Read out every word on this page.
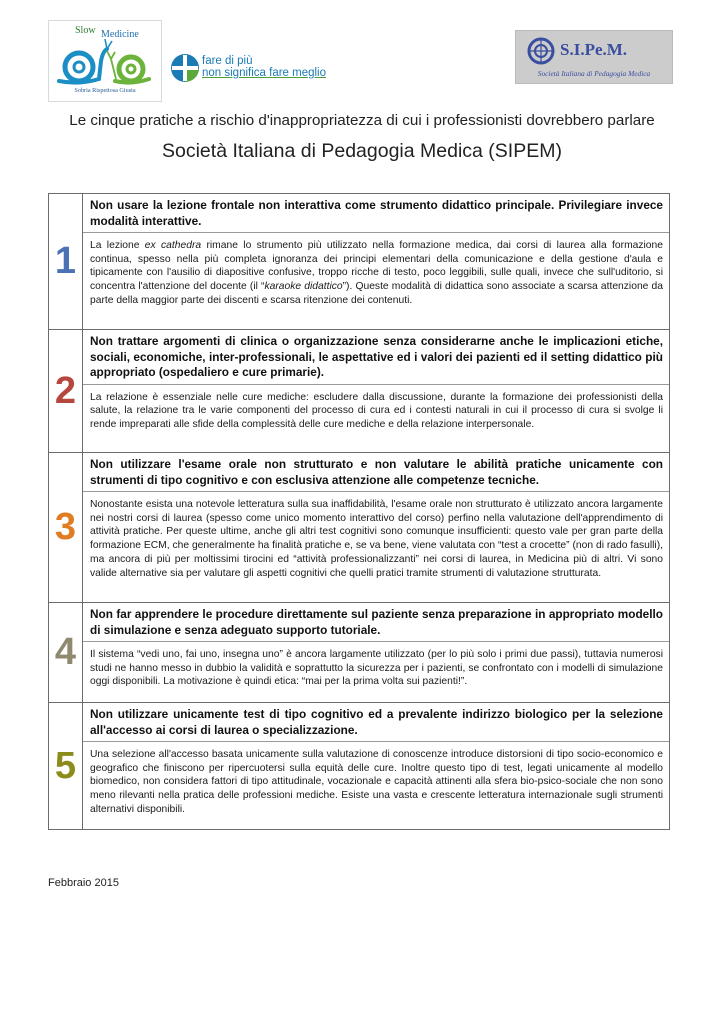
Slow Medicine
Sobria Rispettosa Giusta
fare di più
non significa fare meglio
S.I.Pe.M.
Società Italiana di Pedagogia Medica
Le cinque pratiche a rischio d'inappropriatezza di cui i professionisti dovrebbero parlare
Società Italiana di Pedagogia Medica (SIPEM)
1
Non usare la lezione frontale non interattiva come strumento didattico principale. Privilegiare invece modalità interattive.
La lezione ex cathedra rimane lo strumento più utilizzato nella formazione medica, dai corsi di laurea alla formazione continua, spesso nella più completa ignoranza dei principi elementari della comunicazione e della gestione d'aula e tipicamente con l'ausilio di diapositive confusive, troppo ricche di testo, poco leggibili, sulle quali, invece che sull'uditorio, si concentra l'attenzione del docente (il “karaoke didattico”). Queste modalità di didattica sono associate a scarsa attenzione da parte della maggior parte dei discenti e scarsa ritenzione dei contenuti.
2
Non trattare argomenti di clinica o organizzazione senza considerarne anche le implicazioni etiche, sociali, economiche, inter-professionali, le aspettative ed i valori dei pazienti ed il setting didattico più appropriato (ospedaliero e cure primarie).
La relazione è essenziale nelle cure mediche: escludere dalla discussione, durante la formazione dei professionisti della salute, la relazione tra le varie componenti del processo di cura ed i contesti naturali in cui il processo di cura si svolge li rende impreparati alle sfide della complessità delle cure mediche e della relazione interpersonale.
3
Non utilizzare l'esame orale non strutturato e non valutare le abilità pratiche unicamente con strumenti di tipo cognitivo e con esclusiva attenzione alle competenze tecniche.
Nonostante esista una notevole letteratura sulla sua inaffidabilità, l'esame orale non strutturato è utilizzato ancora largamente nei nostri corsi di laurea (spesso come unico momento interattivo del corso) perfino nella valutazione dell'apprendimento di attività pratiche. Per queste ultime, anche gli altri test cognitivi sono comunque insufficienti: questo vale per gran parte della formazione ECM, che generalmente ha finalità pratiche e, se va bene, viene valutata con “test a crocette” (non di rado fasulli), ma ancora di più per moltissimi tirocini ed “attività professionalizzanti” nei corsi di laurea, in Medicina più di altri. Vi sono valide alternative sia per valutare gli aspetti cognitivi che quelli pratici tramite strumenti di valutazione strutturata.
4
Non far apprendere le procedure direttamente sul paziente senza preparazione in appropriato modello di simulazione e senza adeguato supporto tutoriale.
Il sistema “vedi uno, fai uno, insegna uno” è ancora largamente utilizzato (per lo più solo i primi due passi), tuttavia numerosi studi ne hanno messo in dubbio la validità e soprattutto la sicurezza per i pazienti, se confrontato con i modelli di simulazione oggi disponibili. La motivazione è quindi etica: “mai per la prima volta sui pazienti!”.
5
Non utilizzare unicamente test di tipo cognitivo ed a prevalente indirizzo biologico per la selezione all'accesso ai corsi di laurea o specializzazione.
Una selezione all'accesso basata unicamente sulla valutazione di conoscenze introduce distorsioni di tipo socio-economico e geografico che finiscono per ripercuotersi sulla equità delle cure. Inoltre questo tipo di test, legati unicamente al modello biomedico, non considera fattori di tipo attitudinale, vocazionale e capacità attinenti alla sfera bio-psico-sociale che non sono meno rilevanti nella pratica delle professioni mediche. Esiste una vasta e crescente letteratura internazionale sugli strumenti alternativi disponibili.
Febbraio 2015
